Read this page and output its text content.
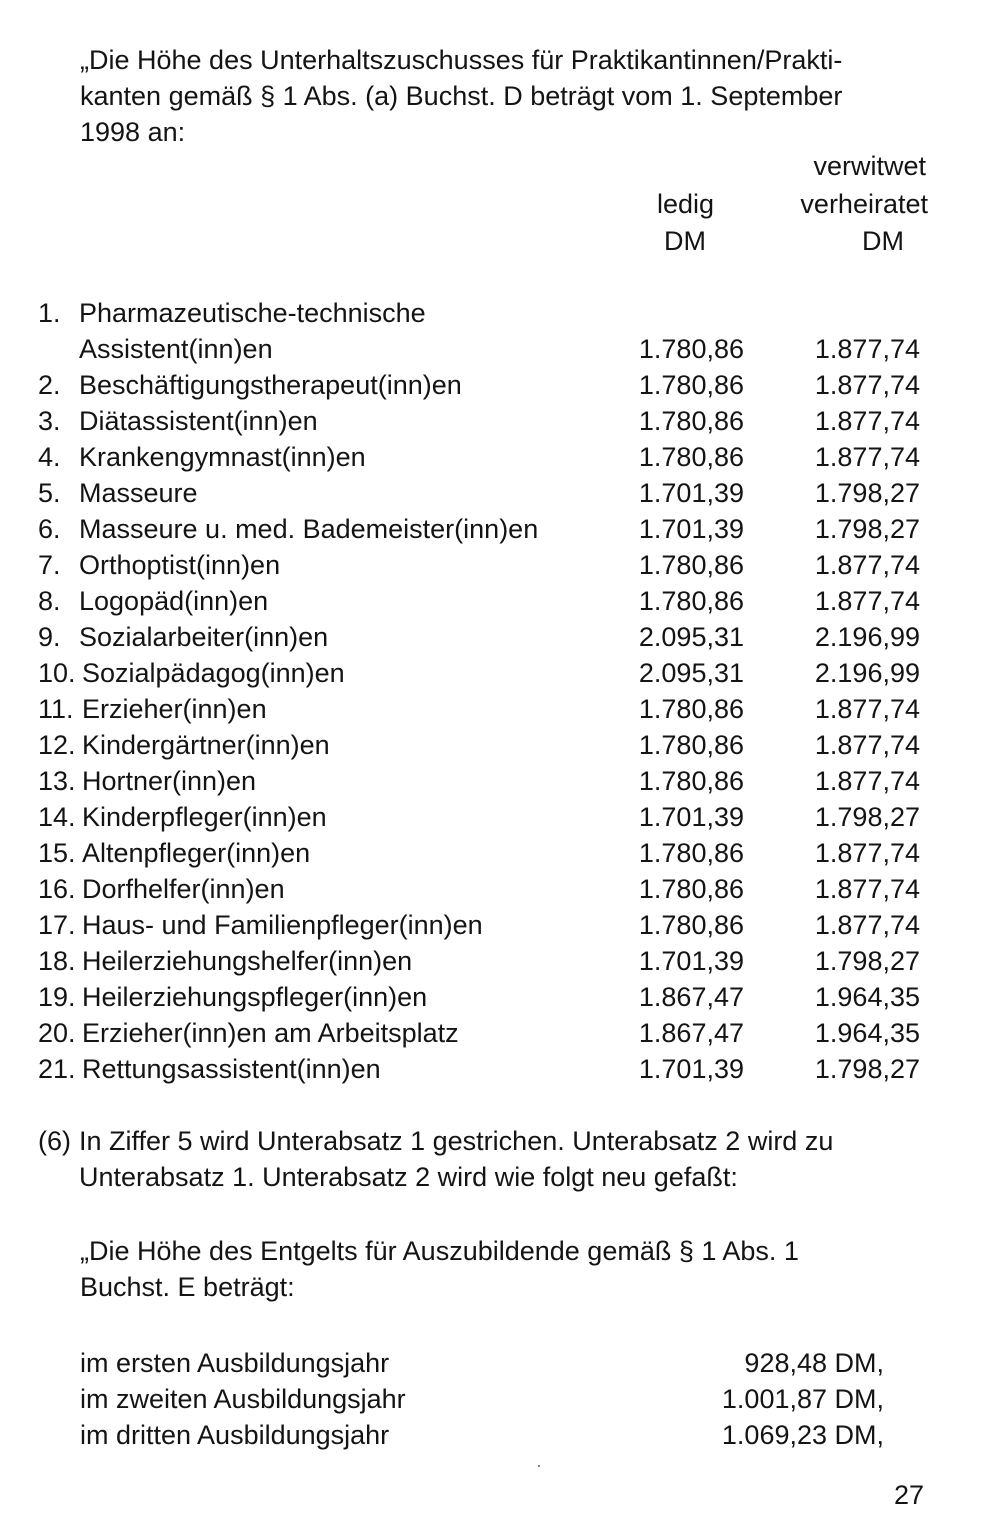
„Die Höhe des Unterhaltszuschusses für Praktikantinnen/Prakti-
kanten gemäß § 1 Abs. (a) Buchst. D beträgt vom 1. September
1998 an:
verwitwet
ledig	verheiratet
DM	DM
1. Pharmazeutische-technische
Assistent(inn)en	1.780,86	1.877,74
2. Beschäftigungstherapeut(inn)en	1.780,86	1.877,74
3. Diätassistent(inn)en	1.780,86	1.877,74
4. Krankengymnast(inn)en	1.780,86	1.877,74
5. Masseure	1.701,39	1.798,27
6. Masseure u. med. Bademeister(inn)en	1.701,39	1.798,27
7. Orthoptist(inn)en	1.780,86	1.877,74
8. Logopäd(inn)en	1.780,86	1.877,74
9. Sozialarbeiter(inn)en	2.095,31	2.196,99
10. Sozialpädagog(inn)en	2.095,31	2.196,99
11. Erzieher(inn)en	1.780,86	1.877,74
12. Kindergärtner(inn)en	1.780,86	1.877,74
13. Hortner(inn)en	1.780,86	1.877,74
14. Kinderpfleger(inn)en	1.701,39	1.798,27
15. Altenpfleger(inn)en	1.780,86	1.877,74
16. Dorfhelfer(inn)en	1.780,86	1.877,74
17. Haus- und Familienpfleger(inn)en	1.780,86	1.877,74
18. Heilerziehungshelfer(inn)en	1.701,39	1.798,27
19. Heilerziehungspfleger(inn)en	1.867,47	1.964,35
20. Erzieher(inn)en am Arbeitsplatz	1.867,47	1.964,35
21. Rettungsassistent(inn)en	1.701,39	1.798,27
(6) In Ziffer 5 wird Unterabsatz 1 gestrichen. Unterabsatz 2 wird zu
Unterabsatz 1. Unterabsatz 2 wird wie folgt neu gefaßt:
„Die Höhe des Entgelts für Auszubildende gemäß § 1 Abs. 1
Buchst. E beträgt:
im ersten Ausbildungsjahr	928,48 DM,
im zweiten Ausbildungsjahr	1.001,87 DM,
im dritten Ausbildungsjahr	1.069,23 DM,
27
